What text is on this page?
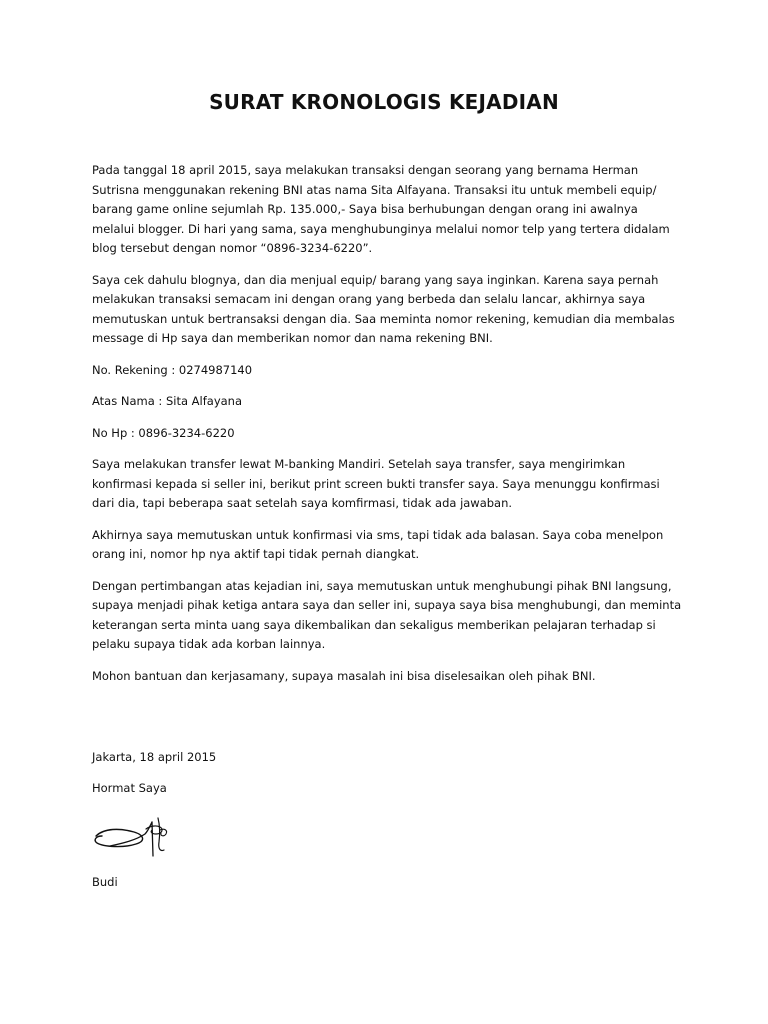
SURAT KRONOLOGIS KEJADIAN

Pada tanggal 18 april 2015, saya melakukan transaksi dengan seorang yang bernama Herman
Sutrisna menggunakan rekening BNI atas nama Sita Alfayana. Transaksi itu untuk membeli equip/
barang game online sejumlah Rp. 135.000,- Saya bisa berhubungan dengan orang ini awalnya
melalui blogger. Di hari yang sama, saya menghubunginya melalui nomor telp yang tertera didalam
blog tersebut dengan nomor “0896-3234-6220”.

Saya cek dahulu blognya, dan dia menjual equip/ barang yang saya inginkan. Karena saya pernah
melakukan transaksi semacam ini dengan orang yang berbeda dan selalu lancar, akhirnya saya
memutuskan untuk bertransaksi dengan dia. Saa meminta nomor rekening, kemudian dia membalas
message di Hp saya dan memberikan nomor dan nama rekening BNI.

No. Rekening : 0274987140

Atas Nama : Sita Alfayana

No Hp : 0896-3234-6220

Saya melakukan transfer lewat M-banking Mandiri. Setelah saya transfer, saya mengirimkan
konfirmasi kepada si seller ini, berikut print screen bukti transfer saya. Saya menunggu konfirmasi
dari dia, tapi beberapa saat setelah saya komfirmasi, tidak ada jawaban.

Akhirnya saya memutuskan untuk konfirmasi via sms, tapi tidak ada balasan. Saya coba menelpon
orang ini, nomor hp nya aktif tapi tidak pernah diangkat.

Dengan pertimbangan atas kejadian ini, saya memutuskan untuk menghubungi pihak BNI langsung,
supaya menjadi pihak ketiga antara saya dan seller ini, supaya saya bisa menghubungi, dan meminta
keterangan serta minta uang saya dikembalikan dan sekaligus memberikan pelajaran terhadap si
pelaku supaya tidak ada korban lainnya.

Mohon bantuan dan kerjasamany, supaya masalah ini bisa diselesaikan oleh pihak BNI.

Jakarta, 18 april 2015

Hormat Saya

Budi
